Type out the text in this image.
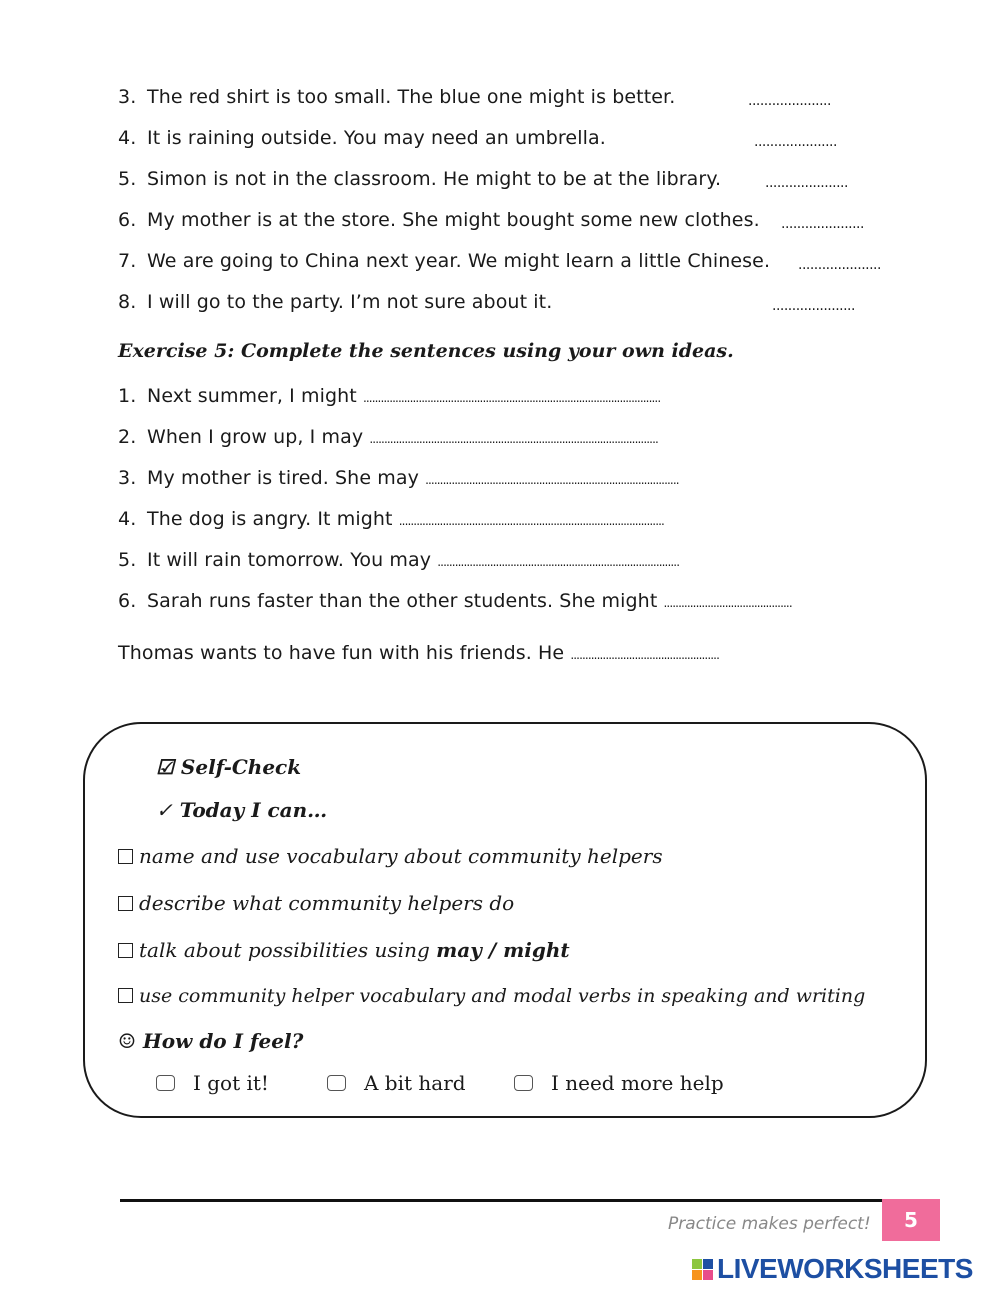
3. The red shirt is too small. The blue one might is better.	.....................
4. It is raining outside. You may need an umbrella.	.....................
5. Simon is not in the classroom. He might to be at the library.	.....................
6. My mother is at the store. She might bought some new clothes. .....................
7. We are going to China next year. We might learn a little Chinese. .....................
8. I will go to the party. I’m not sure about it.	.....................
Exercise 5: Complete the sentences using your own ideas.
1. Next summer, I might ......................................................................................................
2. When I grow up, I may ...................................................................................................
3. My mother is tired. She may .......................................................................................
4. The dog is angry. It might ...........................................................................................
5. It will rain tomorrow. You may ...................................................................................
6. Sarah runs faster than the other students. She might ............................................
Thomas wants to have fun with his friends. He ...................................................
☑ Self-Check
✓ Today I can…
name and use vocabulary about community helpers
describe what community helpers do
talk about possibilities using may / might
use community helper vocabulary and modal verbs in speaking and writing
☺ How do I feel?
I got it!	A bit hard	I need more help
Practice makes perfect!	5
LIVEWORKSHEETS
